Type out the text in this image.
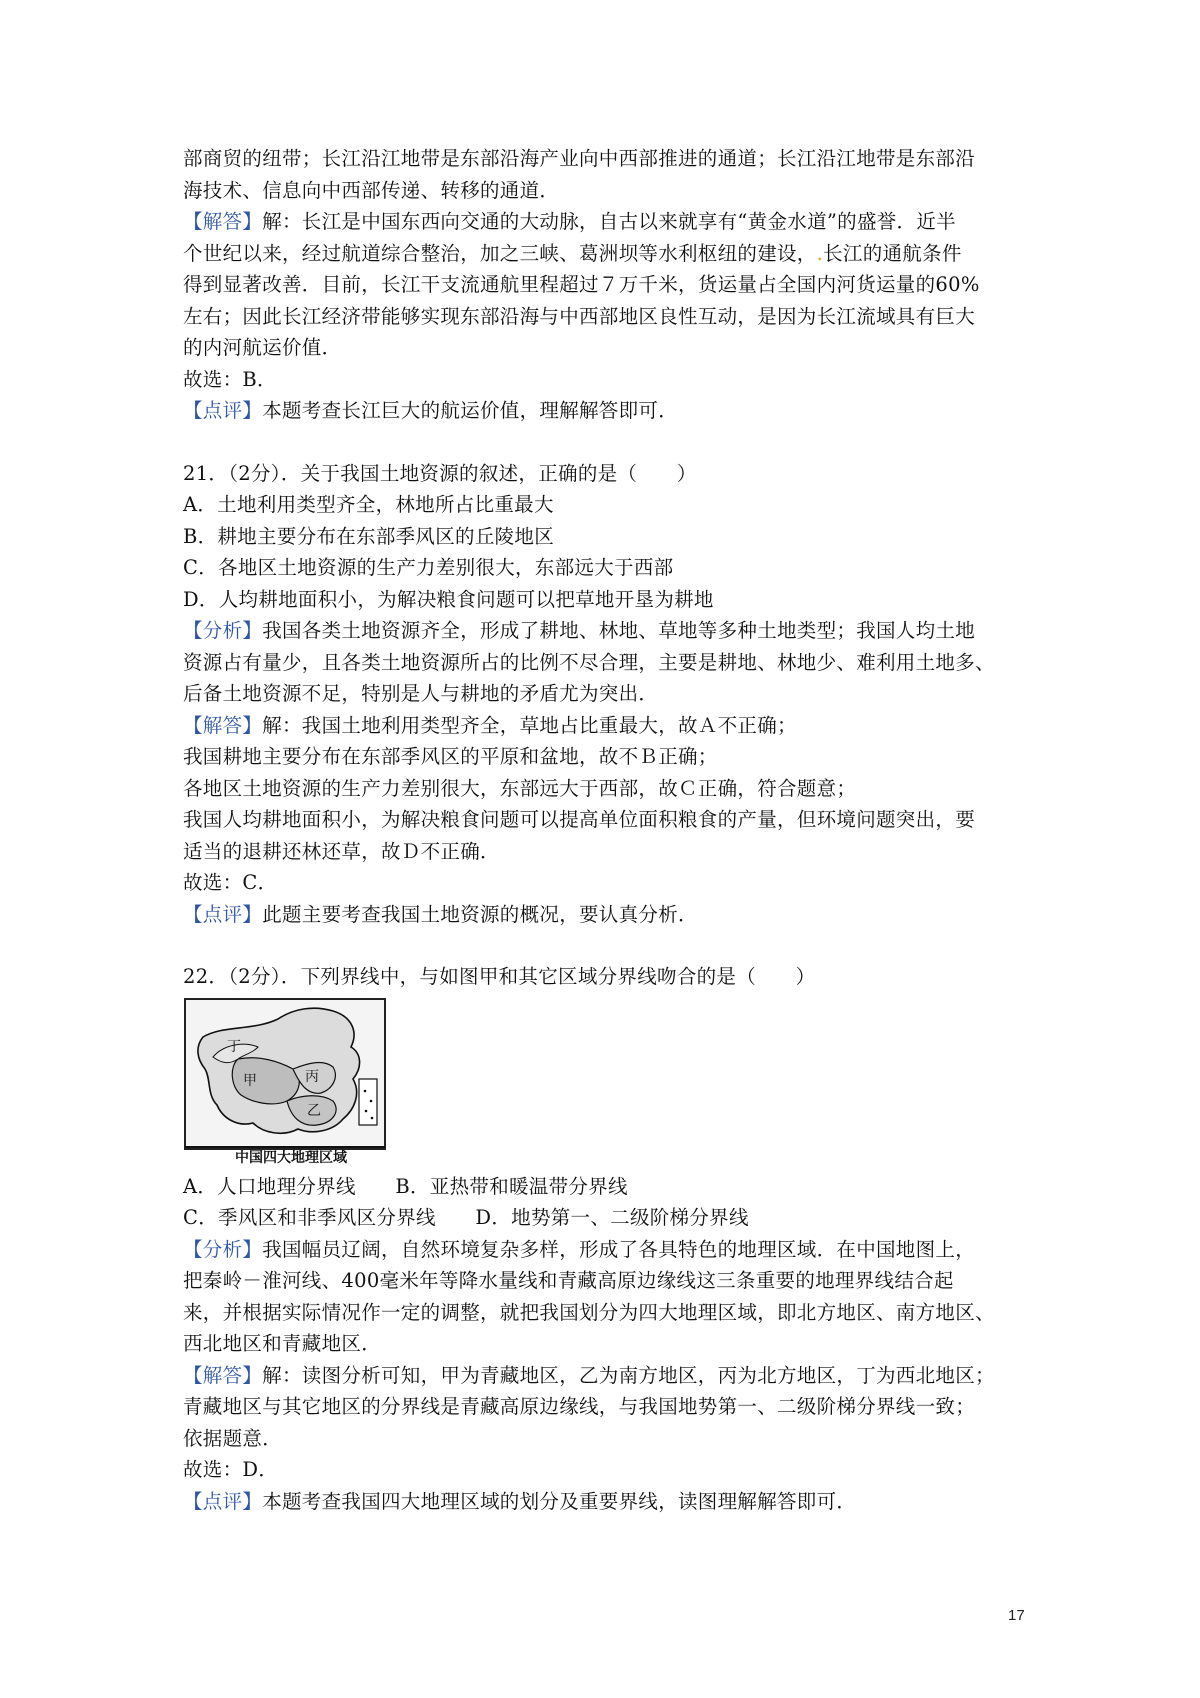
部商贸的纽带；长江沿江地带是东部沿海产业向中西部推进的通道；长江沿江地带是东部沿
海技术、信息向中西部传递、转移的通道．
【解答】解：长江是中国东西向交通的大动脉，自古以来就享有“黄金水道”的盛誉．近半
个世纪以来，经过航道综合整治，加之三峡、葛洲坝等水利枢纽的建设，.长江的通航条件
得到显著改善．目前，长江干支流通航里程超过７万千米，货运量占全国内河货运量的60%
左右；因此长江经济带能够实现东部沿海与中西部地区良性互动，是因为长江流域具有巨大
的内河航运价值．
故选：B．
【点评】本题考查长江巨大的航运价值，理解解答即可．
21．（2分）．关于我国土地资源的叙述，正确的是（　　）
A．土地利用类型齐全，林地所占比重最大
B．耕地主要分布在东部季风区的丘陵地区
C．各地区土地资源的生产力差别很大，东部远大于西部
D．人均耕地面积小，为解决粮食问题可以把草地开垦为耕地
【分析】我国各类土地资源齐全，形成了耕地、林地、草地等多种土地类型；我国人均土地
资源占有量少，且各类土地资源所占的比例不尽合理，主要是耕地、林地少、难利用土地多、
后备土地资源不足，特别是人与耕地的矛盾尤为突出．
【解答】解：我国土地利用类型齐全，草地占比重最大，故Ａ不正确；
我国耕地主要分布在东部季风区的平原和盆地，故不Ｂ正确；
各地区土地资源的生产力差别很大，东部远大于西部，故Ｃ正确，符合题意；
我国人均耕地面积小，为解决粮食问题可以提高单位面积粮食的产量，但环境问题突出，要
适当的退耕还林还草，故Ｄ不正确．
故选：C．
【点评】此题主要考查我国土地资源的概况，要认真分析．
22．（2分）．下列界线中，与如图甲和其它区域分界线吻合的是（　　）
丁
甲	丙
乙
中国四大地理区域
A．人口地理分界线　　B．亚热带和暖温带分界线
C．季风区和非季风区分界线　　D．地势第一、二级阶梯分界线
【分析】我国幅员辽阔，自然环境复杂多样，形成了各具特色的地理区域．在中国地图上，
把秦岭－淮河线、400毫米年等降水量线和青藏高原边缘线这三条重要的地理界线结合起
来，并根据实际情况作一定的调整，就把我国划分为四大地理区域，即北方地区、南方地区、
西北地区和青藏地区．
【解答】解：读图分析可知，甲为青藏地区，乙为南方地区，丙为北方地区，丁为西北地区；
青藏地区与其它地区的分界线是青藏高原边缘线，与我国地势第一、二级阶梯分界线一致；
依据题意．
故选：D．
【点评】本题考查我国四大地理区域的划分及重要界线，读图理解解答即可．
17
